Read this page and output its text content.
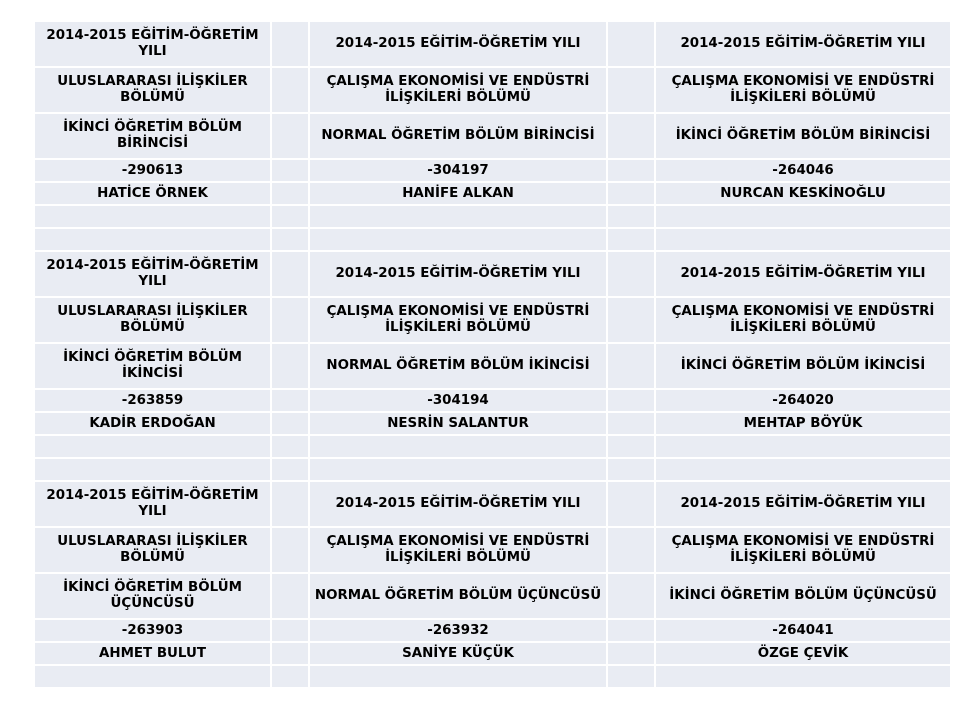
2014-2015 EĞİTİM-ÖĞRETİM YILI		2014-2015 EĞİTİM-ÖĞRETİM YILI		2014-2015 EĞİTİM-ÖĞRETİM YILI
ULUSLARARASI İLİŞKİLER BÖLÜMÜ		ÇALIŞMA EKONOMİSİ VE ENDÜSTRİ İLİŞKİLERİ BÖLÜMÜ		ÇALIŞMA EKONOMİSİ VE ENDÜSTRİ İLİŞKİLERİ BÖLÜMÜ
İKİNCİ ÖĞRETİM BÖLÜM BİRİNCİSİ		NORMAL ÖĞRETİM BÖLÜM BİRİNCİSİ		İKİNCİ ÖĞRETİM BÖLÜM BİRİNCİSİ
-290613		-304197		-264046
HATİCE ÖRNEK		HANİFE ALKAN		NURCAN KESKİNOĞLU

2014-2015 EĞİTİM-ÖĞRETİM YILI		2014-2015 EĞİTİM-ÖĞRETİM YILI		2014-2015 EĞİTİM-ÖĞRETİM YILI
ULUSLARARASI İLİŞKİLER BÖLÜMÜ		ÇALIŞMA EKONOMİSİ VE ENDÜSTRİ İLİŞKİLERİ BÖLÜMÜ		ÇALIŞMA EKONOMİSİ VE ENDÜSTRİ İLİŞKİLERİ BÖLÜMÜ
İKİNCİ ÖĞRETİM BÖLÜM İKİNCİSİ		NORMAL ÖĞRETİM BÖLÜM İKİNCİSİ		İKİNCİ ÖĞRETİM BÖLÜM İKİNCİSİ
-263859		-304194		-264020
KADİR ERDOĞAN		NESRİN SALANTUR		MEHTAP BÖYÜK

2014-2015 EĞİTİM-ÖĞRETİM YILI		2014-2015 EĞİTİM-ÖĞRETİM YILI		2014-2015 EĞİTİM-ÖĞRETİM YILI
ULUSLARARASI İLİŞKİLER BÖLÜMÜ		ÇALIŞMA EKONOMİSİ VE ENDÜSTRİ İLİŞKİLERİ BÖLÜMÜ		ÇALIŞMA EKONOMİSİ VE ENDÜSTRİ İLİŞKİLERİ BÖLÜMÜ
İKİNCİ ÖĞRETİM BÖLÜM ÜÇÜNCÜSÜ		NORMAL ÖĞRETİM BÖLÜM ÜÇÜNCÜSÜ		İKİNCİ ÖĞRETİM BÖLÜM ÜÇÜNCÜSÜ
-263903		-263932		-264041
AHMET BULUT		SANİYE KÜÇÜK		ÖZGE ÇEVİK
